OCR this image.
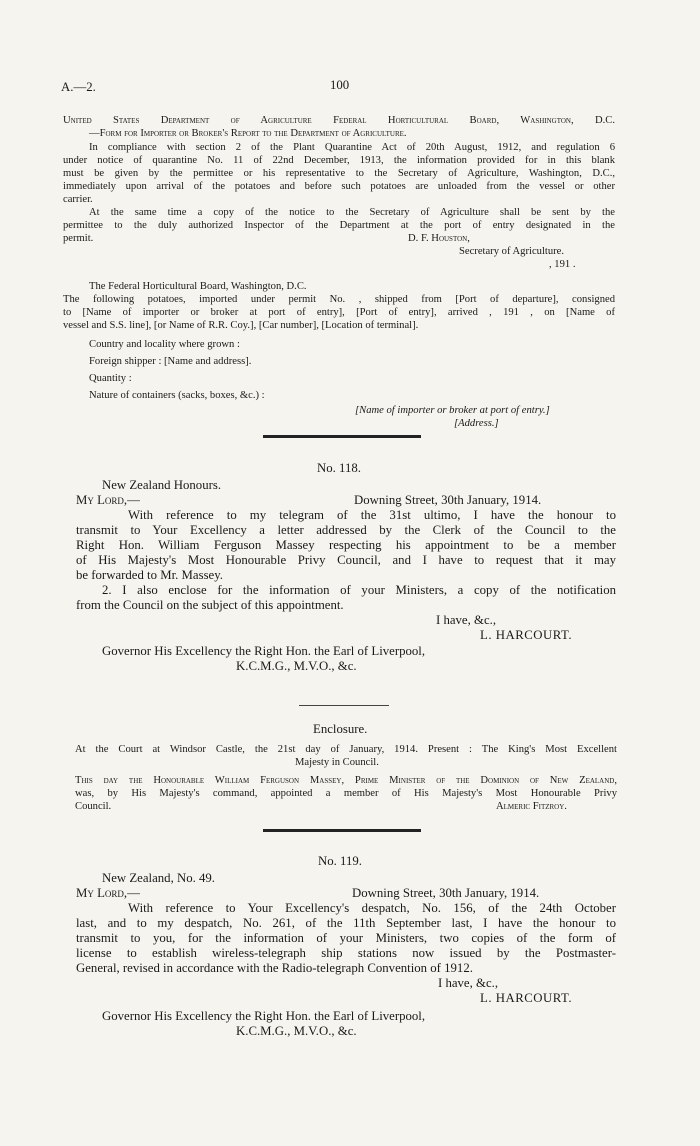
A.—2.	100
United States Department of Agriculture Federal Horticultural Board, Washington, D.C.
—Form for Importer or Broker's Report to the Department of Agriculture.
In compliance with section 2 of the Plant Quarantine Act of 20th August, 1912, and regulation 6
under notice of quarantine No. 11 of 22nd December, 1913, the information provided for in this blank
must be given by the permittee or his representative to the Secretary of Agriculture, Washington, D.C.,
immediately upon arrival of the potatoes and before such potatoes are unloaded from the vessel or other
carrier.
At the same time a copy of the notice to the Secretary of Agriculture shall be sent by the
permittee to the duly authorized Inspector of the Department at the port of entry designated in the
permit.	D. F. Houston,
Secretary of Agriculture.
, 191 .
The Federal Horticultural Board, Washington, D.C.
The following potatoes, imported under permit No. , shipped from [Port of departure], consigned
to [Name of importer or broker at port of entry], [Port of entry], arrived , 191 , on [Name of
vessel and S.S. line], [or Name of R.R. Coy.], [Car number], [Location of terminal].
Country and locality where grown :
Foreign shipper : [Name and address].
Quantity :
Nature of containers (sacks, boxes, &c.) :
[Name of importer or broker at port of entry.]
[Address.]
No. 118.
New Zealand Honours.
My Lord,—	Downing Street, 30th January, 1914.
With reference to my telegram of the 31st ultimo, I have the honour to
transmit to Your Excellency a letter addressed by the Clerk of the Council to the
Right Hon. William Ferguson Massey respecting his appointment to be a member
of His Majesty's Most Honourable Privy Council, and I have to request that it may
be forwarded to Mr. Massey.
2. I also enclose for the information of your Ministers, a copy of the notification
from the Council on the subject of this appointment.
I have, &c.,
L. HARCOURT.
Governor His Excellency the Right Hon. the Earl of Liverpool,
K.C.M.G., M.V.O., &c.
Enclosure.
At the Court at Windsor Castle, the 21st day of January, 1914. Present : The King's Most Excellent
Majesty in Council.
This day the Honourable William Ferguson Massey, Prime Minister of the Dominion of New Zealand,
was, by His Majesty's command, appointed a member of His Majesty's Most Honourable Privy
Council.	Almeric Fitzroy.
No. 119.
New Zealand, No. 49.
My Lord,—	Downing Street, 30th January, 1914.
With reference to Your Excellency's despatch, No. 156, of the 24th October
last, and to my despatch, No. 261, of the 11th September last, I have the honour to
transmit to you, for the information of your Ministers, two copies of the form of
license to establish wireless-telegraph ship stations now issued by the Postmaster-
General, revised in accordance with the Radio-telegraph Convention of 1912.
I have, &c.,
L. HARCOURT.
Governor His Excellency the Right Hon. the Earl of Liverpool,
K.C.M.G., M.V.O., &c.
